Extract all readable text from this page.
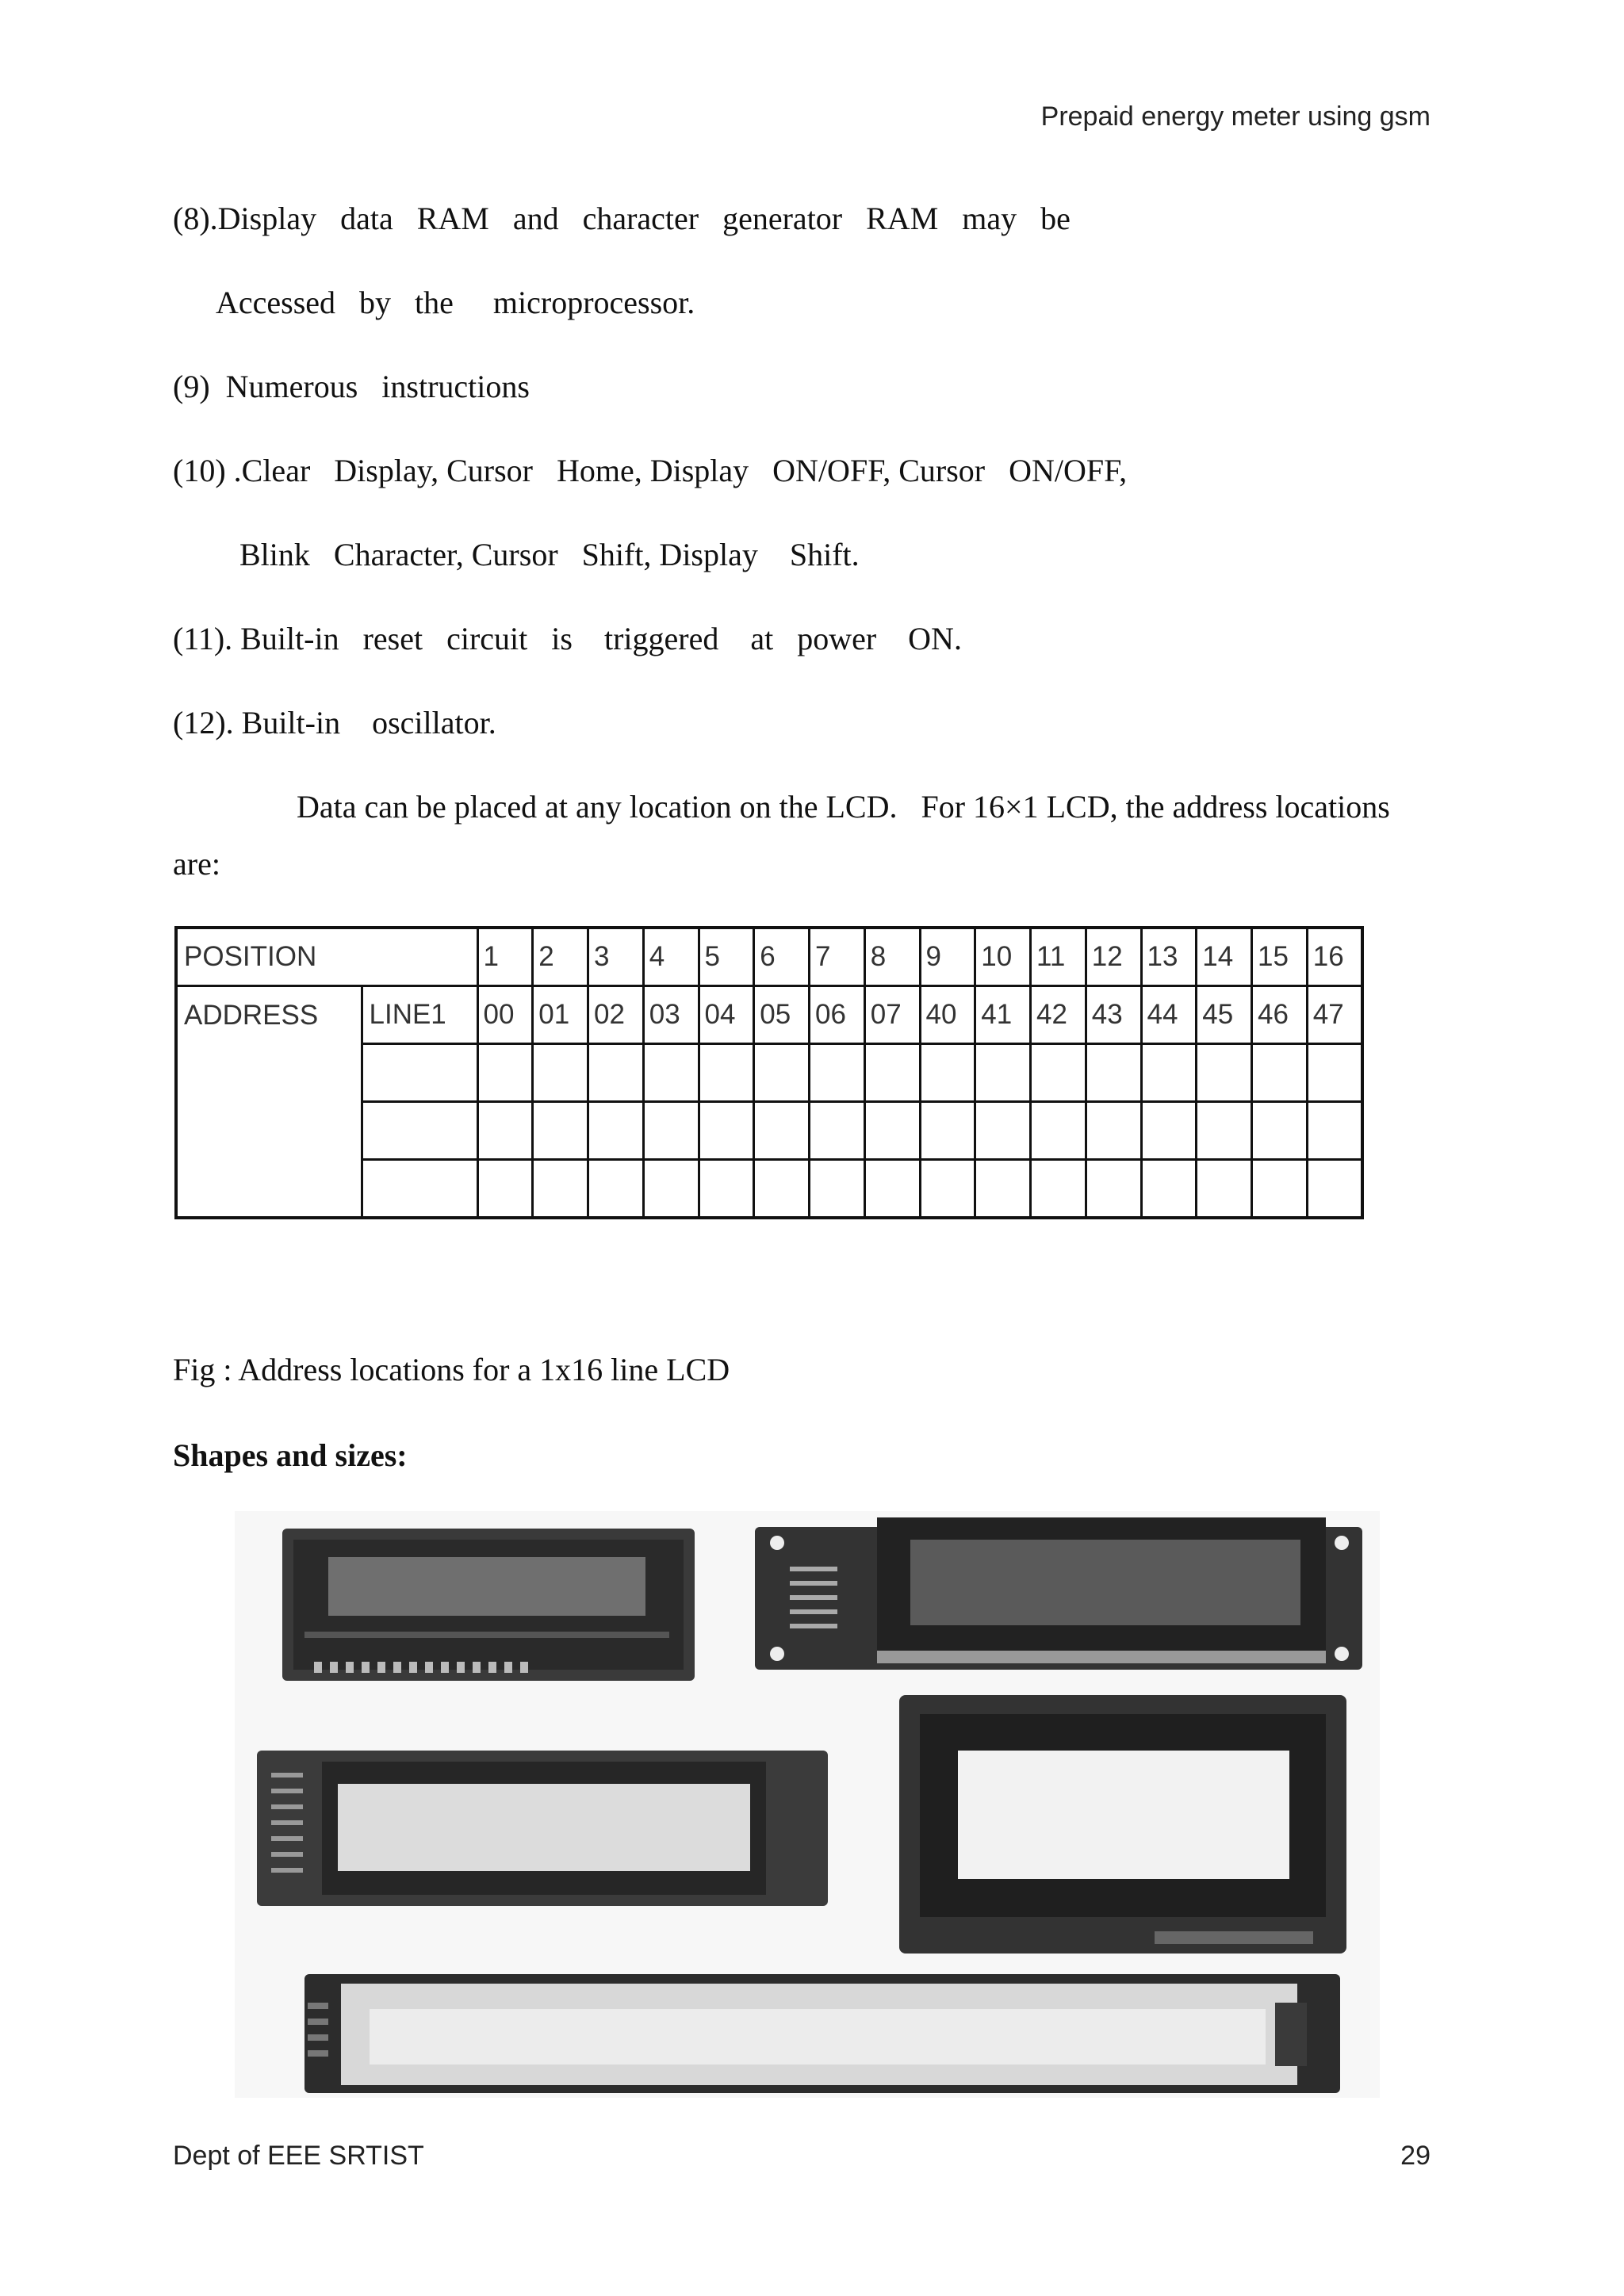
Prepaid energy meter using gsm
(8).Display   data   RAM   and   character   generator   RAM   may   be
Accessed   by   the     microprocessor.
(9)  Numerous   instructions
(10) .Clear   Display, Cursor   Home, Display   ON/OFF, Cursor   ON/OFF,
Blink   Character, Cursor   Shift, Display    Shift.
(11). Built-in   reset   circuit   is    triggered    at   power    ON.
(12). Built-in    oscillator.
Data can be placed at any location on the LCD.   For 16×1 LCD, the address locations
are:
POSITION		1	2	3	4	5	6	7	8	9	10	11	12	13	14	15	16
ADDRESS	LINE1	00	01	02	03	04	05	06	07	40	41	42	43	44	45	46	47

Fig : Address locations for a 1x16 line LCD
Shapes and sizes:
Dept of EEE SRTIST	29
